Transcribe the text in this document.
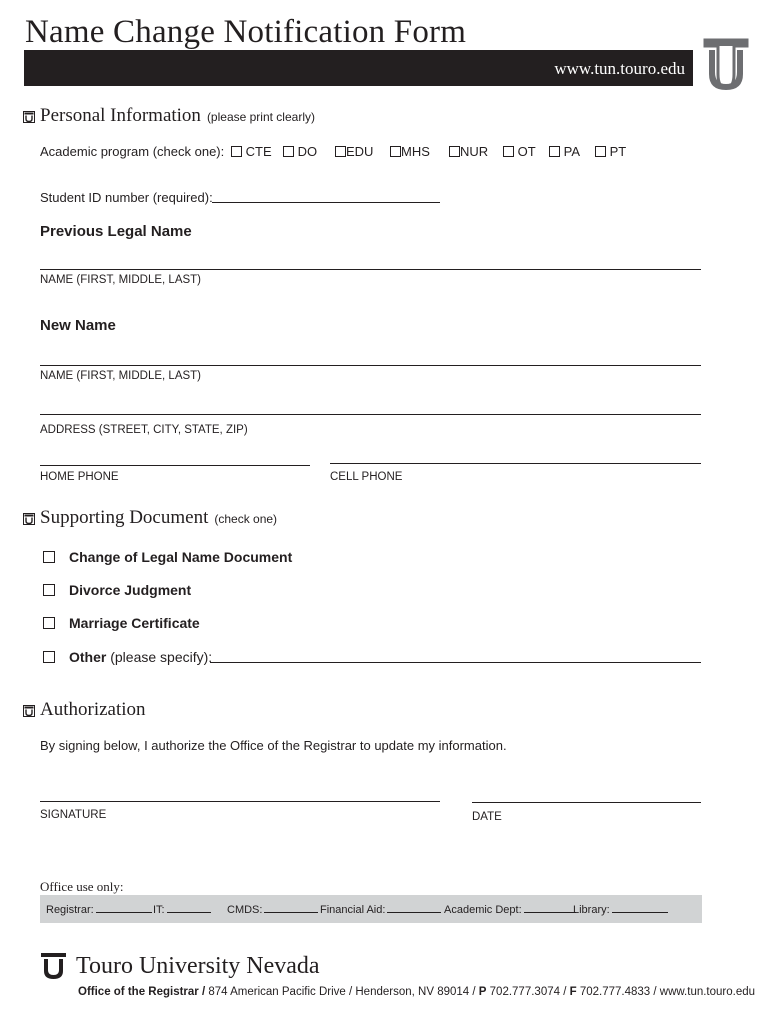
Name Change Notification Form
www.tun.touro.edu
Personal Information (please print clearly)
Academic program (check one):	CTE	DO	EDU	MHS	NUR	OT	PA	PT
Student ID number (required):
Previous Legal Name
NAME (FIRST, MIDDLE, LAST)
New Name
NAME (FIRST, MIDDLE, LAST)
ADDRESS (STREET, CITY, STATE, ZIP)
HOME PHONE	CELL PHONE
Supporting Document (check one)
Change of Legal Name Document
Divorce Judgment
Marriage Certificate
Other (please specify):
Authorization
By signing below, I authorize the Office of the Registrar to update my information.
SIGNATURE	DATE
Office use only:
Registrar:	IT:	CMDS:	Financial Aid:	Academic Dept:	Library:
Touro University Nevada
Office of the Registrar / 874 American Pacific Drive / Henderson, NV 89014 / P 702.777.3074 / F 702.777.4833 / www.tun.touro.edu
